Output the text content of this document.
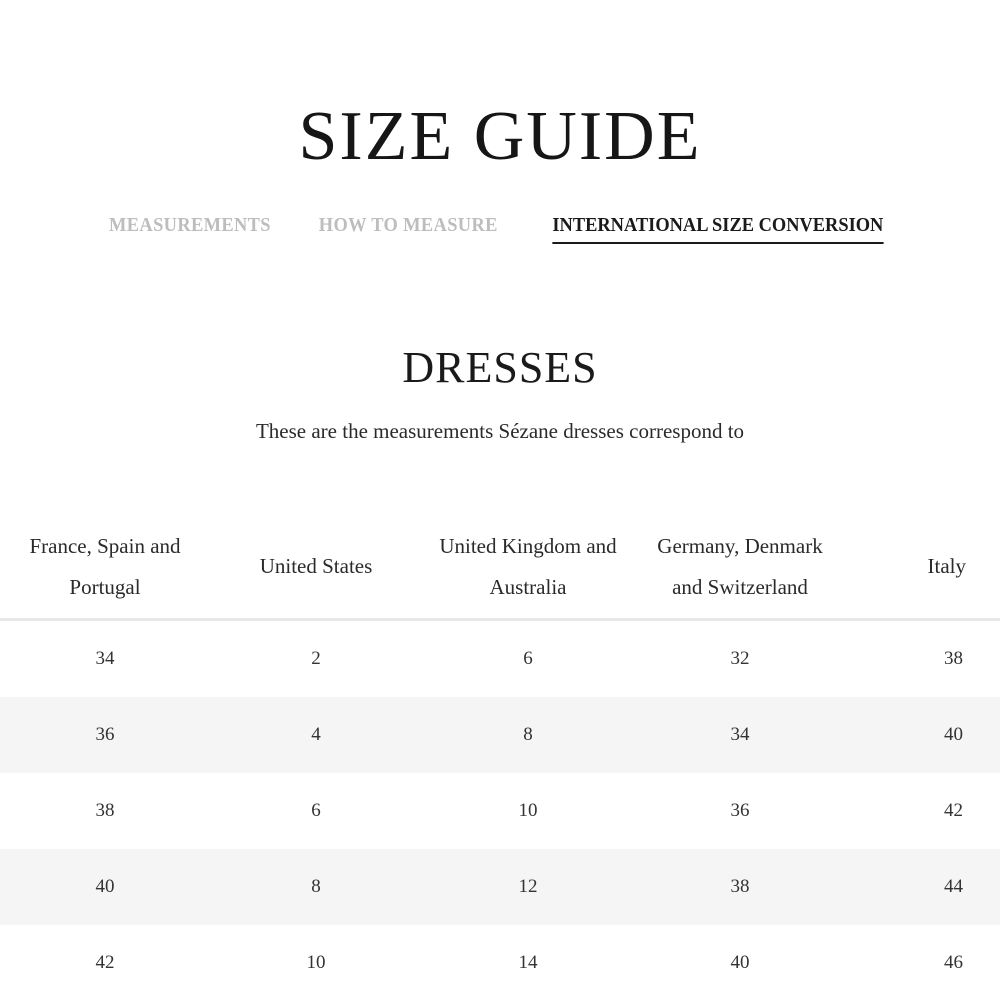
SIZE GUIDE
MEASUREMENTS HOW TO MEASURE	INTERNATIONAL SIZE CONVERSION
DRESSES
These are the measurements Sézane dresses correspond to
France, Spain and Portugal	United States	United Kingdom and Australia	Germany, Denmark and Switzerland	Italy
34	2	6	32	38
36	4	8	34	40
38	6	10	36	42
40	8	12	38	44
42	10	14	40	46
